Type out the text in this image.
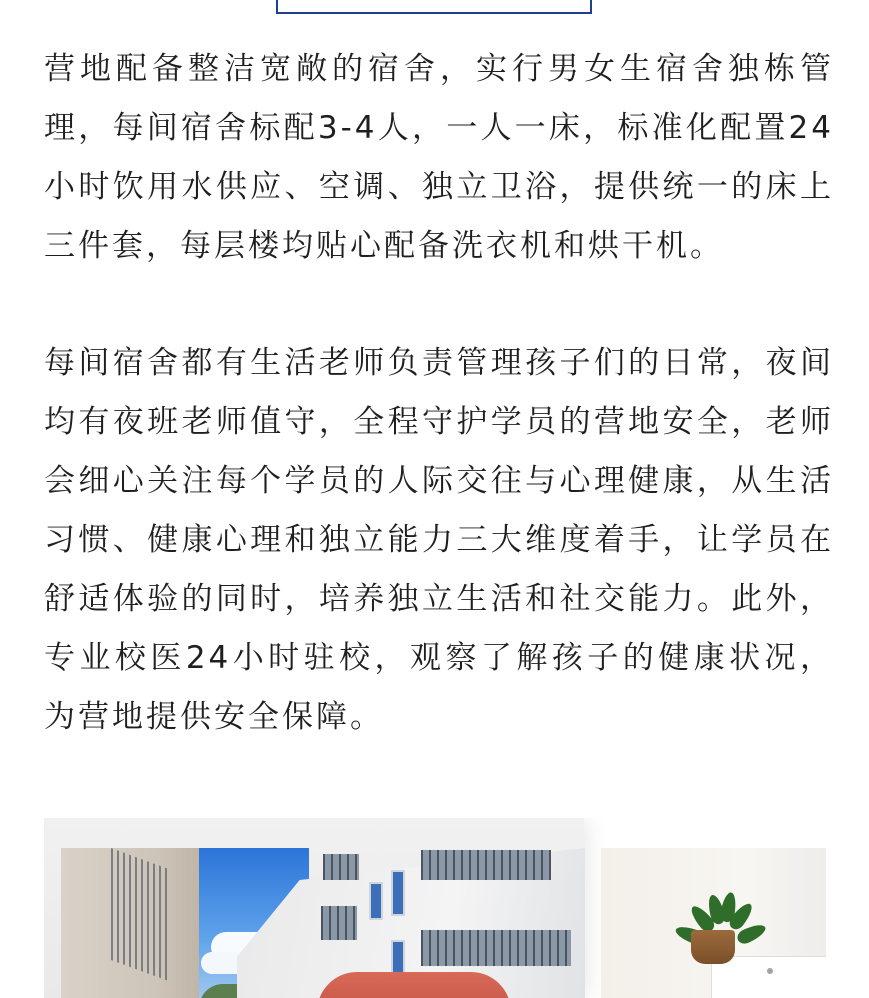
营地配备整洁宽敞的宿舍，实行男女生宿舍独栋管理，每间宿舍标配3-4人，一人一床，标准化配置24小时饮用水供应、空调、独立卫浴，提供统一的床上三件套，每层楼均贴心配备洗衣机和烘干机。

每间宿舍都有生活老师负责管理孩子们的日常，夜间均有夜班老师值守，全程守护学员的营地安全，老师会细心关注每个学员的人际交往与心理健康，从生活习惯、健康心理和独立能力三大维度着手，让学员在舒适体验的同时，培养独立生活和社交能力。此外，专业校医24小时驻校，观察了解孩子的健康状况，为营地提供安全保障。
